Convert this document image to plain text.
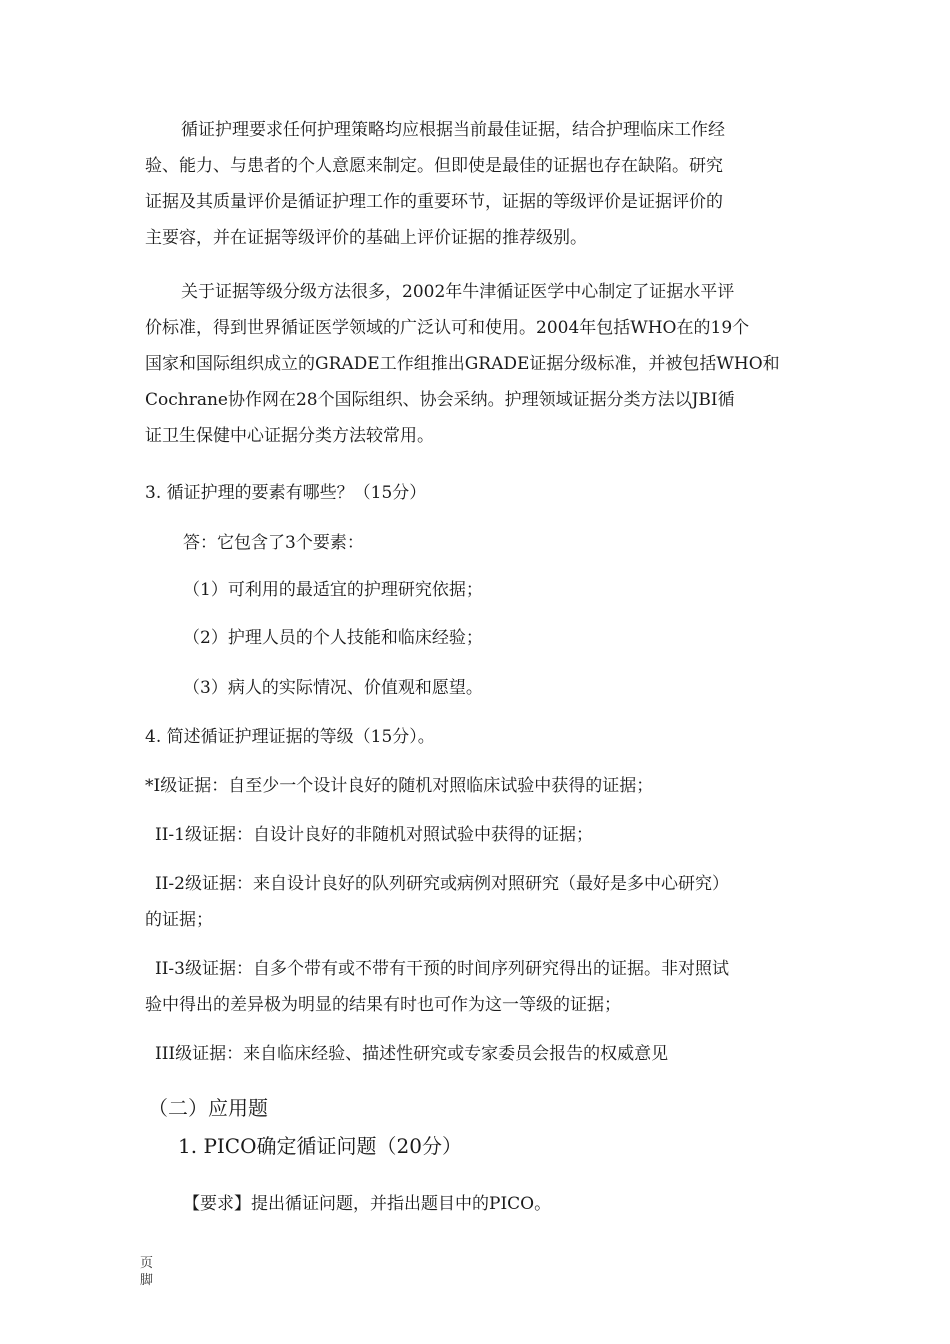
循证护理要求任何护理策略均应根据当前最佳证据，结合护理临床工作经
验、能力、与患者的个人意愿来制定。但即使是最佳的证据也存在缺陷。研究
证据及其质量评价是循证护理工作的重要环节，证据的等级评价是证据评价的
主要容，并在证据等级评价的基础上评价证据的推荐级别。
关于证据等级分级方法很多，2002年牛津循证医学中心制定了证据水平评
价标准，得到世界循证医学领域的广泛认可和使用。2004年包括WHO在的19个
国家和国际组织成立的GRADE工作组推出GRADE证据分级标准，并被包括WHO和
Cochrane协作网在28个国际组织、协会采纳。护理领域证据分类方法以JBI循
证卫生保健中心证据分类方法较常用。

3. 循证护理的要素有哪些？（15分）

答：它包含了3个要素：

（1）可利用的最适宜的护理研究依据；

（2）护理人员的个人技能和临床经验；

（3）病人的实际情况、价值观和愿望。

4. 简述循证护理证据的等级（15分）。

*I级证据：自至少一个设计良好的随机对照临床试验中获得的证据；

II-1级证据：自设计良好的非随机对照试验中获得的证据；

II-2级证据：来自设计良好的队列研究或病例对照研究（最好是多中心研究）

的证据；

II-3级证据：自多个带有或不带有干预的时间序列研究得出的证据。非对照试

验中得出的差异极为明显的结果有时也可作为这一等级的证据；

III级证据：来自临床经验、描述性研究或专家委员会报告的权威意见

（二）应用题

1. PICO确定循证问题（20分）

【要求】提出循证问题，并指出题目中的PICO。

页
脚
